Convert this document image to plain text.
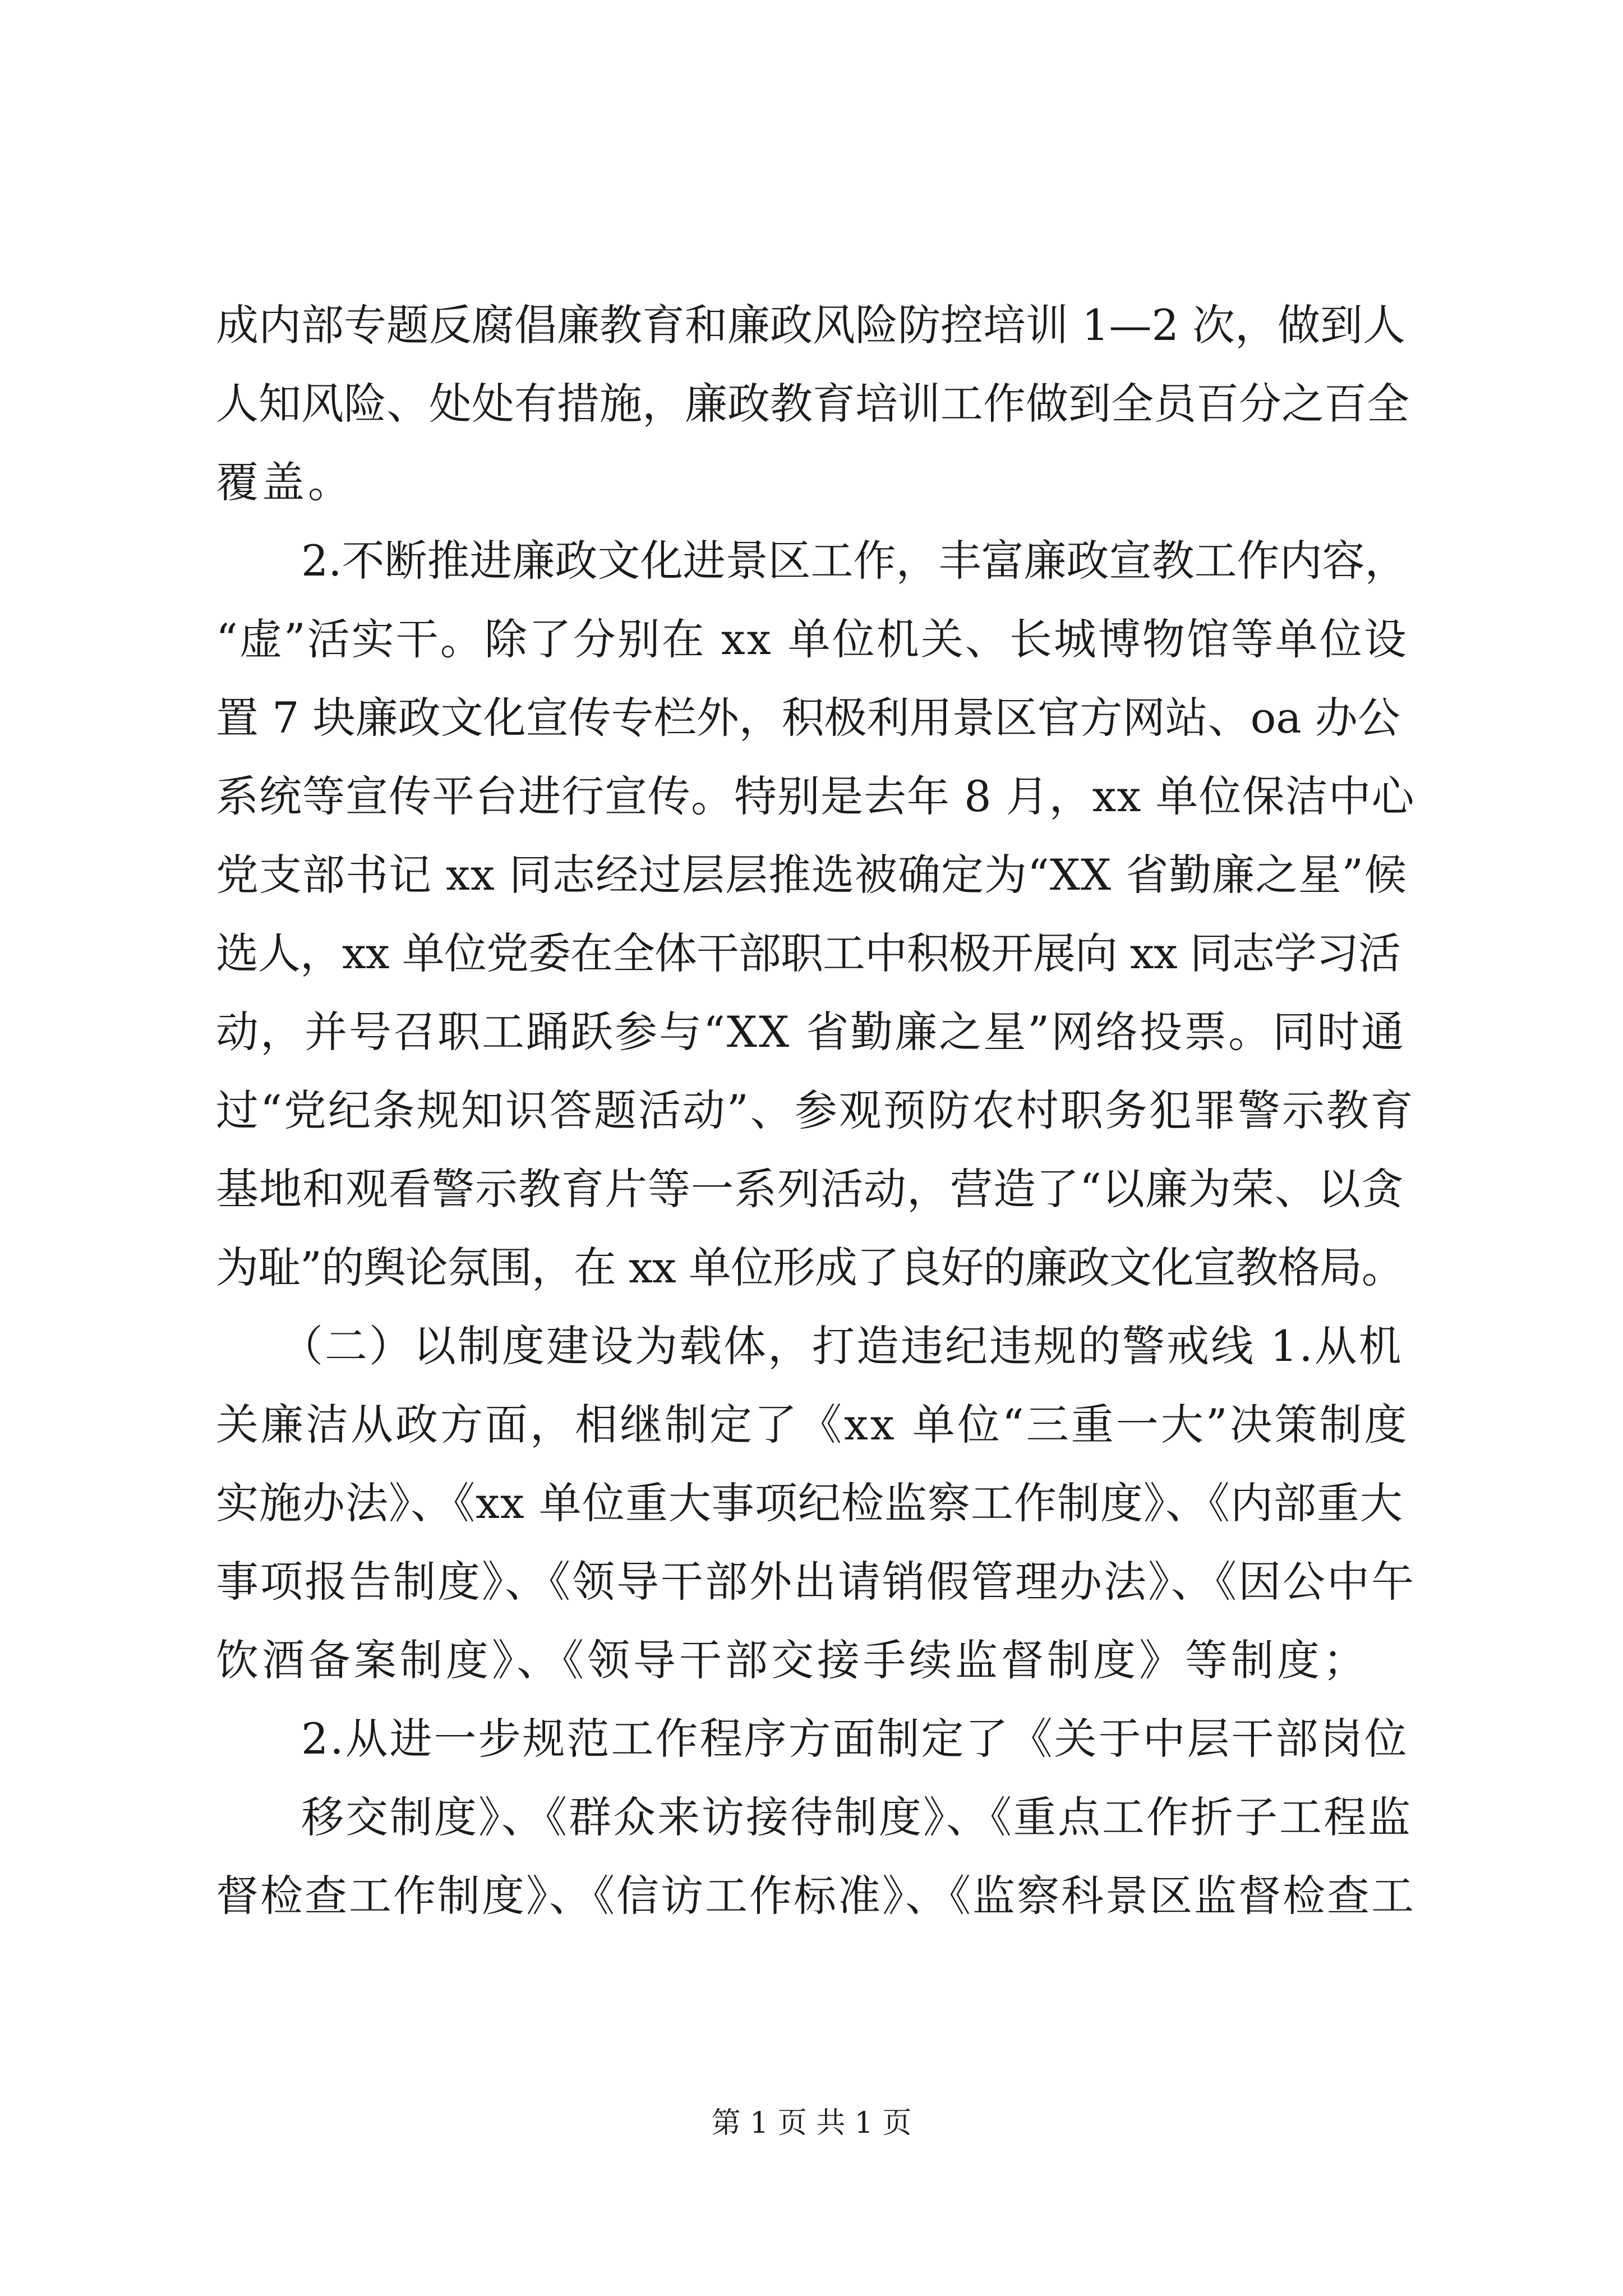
成内部专题反腐倡廉教育和廉政风险防控培训 1—2 次，做到人
人知风险、处处有措施，廉政教育培训工作做到全员百分之百全
覆盖。
2.不断推进廉政文化进景区工作，丰富廉政宣教工作内容，
“虚”活实干。除了分别在 xx 单位机关、长城博物馆等单位设
置 7 块廉政文化宣传专栏外，积极利用景区官方网站、oa 办公
系统等宣传平台进行宣传。特别是去年 8 月，xx 单位保洁中心
党支部书记 xx 同志经过层层推选被确定为“XX 省勤廉之星”候
选人，xx 单位党委在全体干部职工中积极开展向 xx 同志学习活
动，并号召职工踊跃参与“XX 省勤廉之星”网络投票。同时通
过“党纪条规知识答题活动”、参观预防农村职务犯罪警示教育
基地和观看警示教育片等一系列活动，营造了“以廉为荣、以贪
为耻”的舆论氛围，在 xx 单位形成了良好的廉政文化宣教格局。
（二）以制度建设为载体，打造违纪违规的警戒线 1.从机
关廉洁从政方面，相继制定了《xx 单位“三重一大”决策制度
实施办法》、《xx 单位重大事项纪检监察工作制度》、《内部重大
事项报告制度》、《领导干部外出请销假管理办法》、《因公中午
饮酒备案制度》、《领导干部交接手续监督制度》等制度；
2.从进一步规范工作程序方面制定了《关于中层干部岗位
移交制度》、《群众来访接待制度》、《重点工作折子工程监
督检查工作制度》、《信访工作标准》、《监察科景区监督检查工
第 1 页 共 1 页
